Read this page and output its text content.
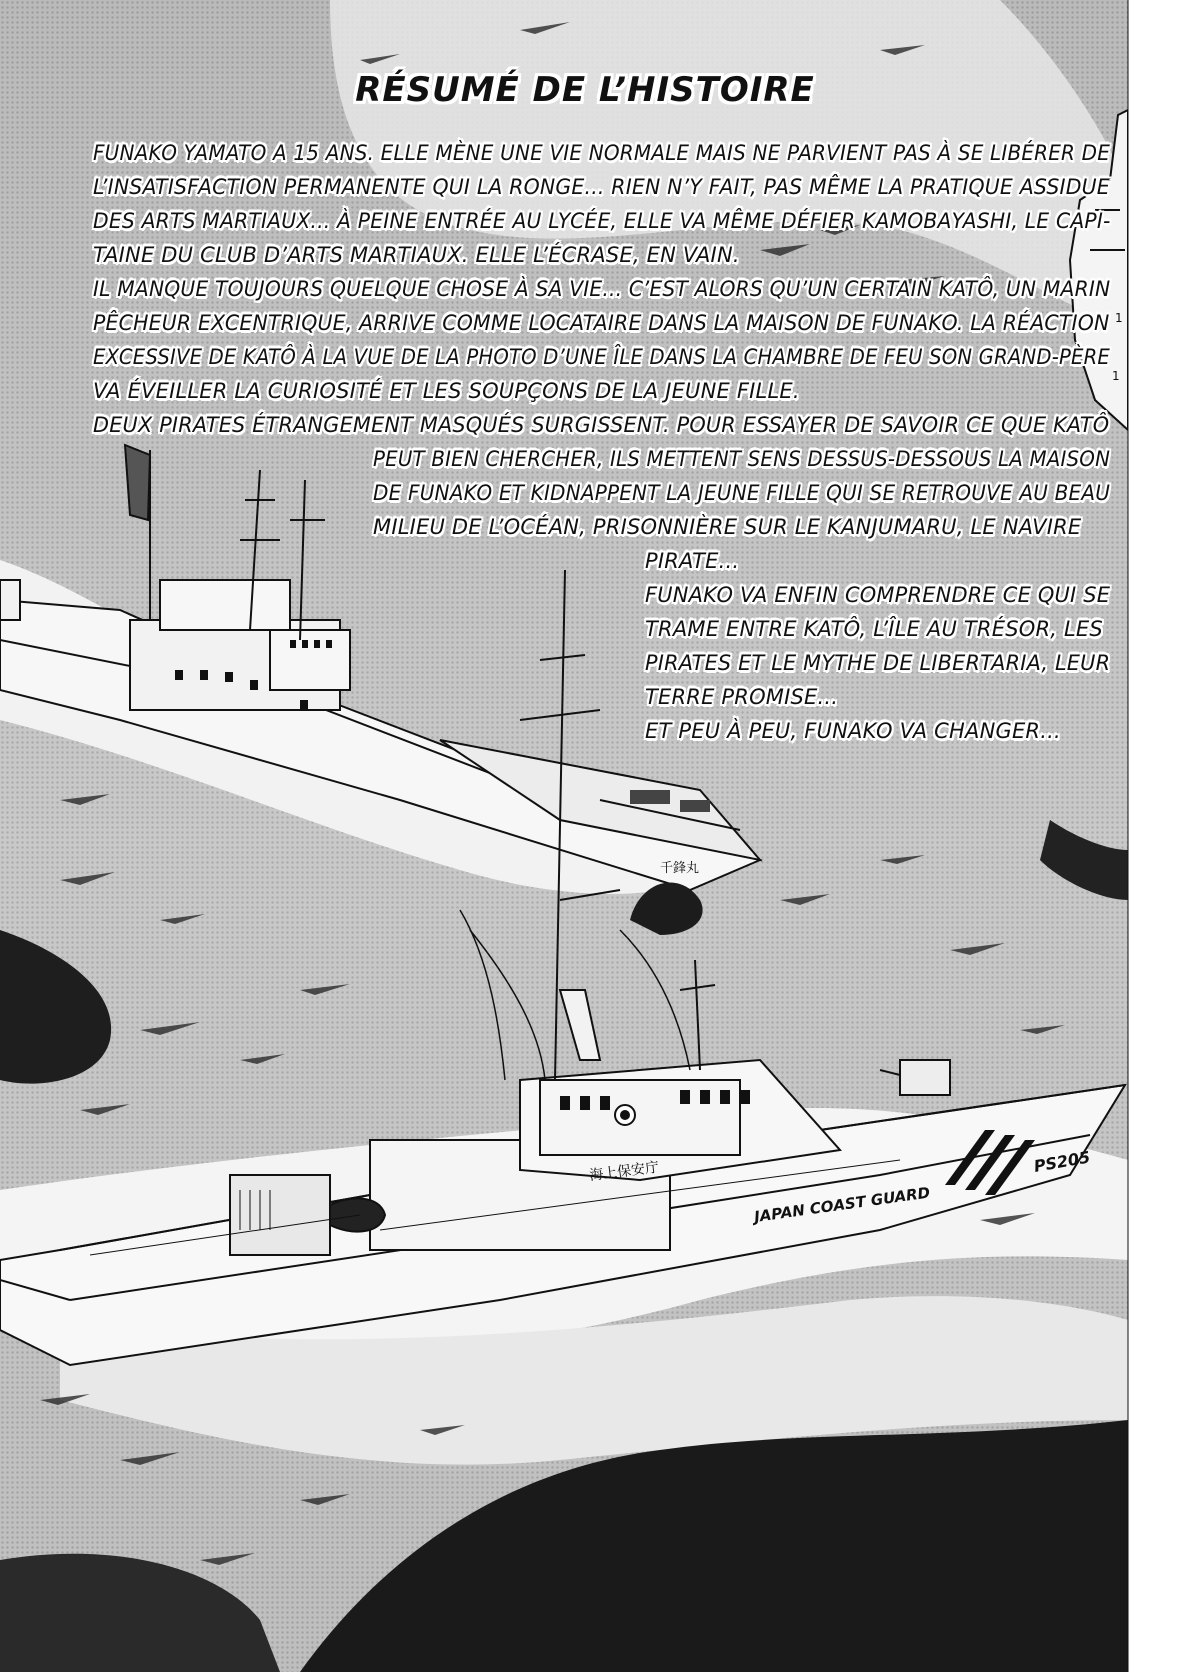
1
1
千鋒丸
海上保安庁
JAPAN COAST GUARD
PS205
RÉSUMÉ DE L’HISTOIRE
FUNAKO YAMATO A 15 ANS. ELLE MÈNE UNE VIE NORMALE MAIS NE PARVIENT PAS À SE LIBÉRER DE
L’INSATISFACTION PERMANENTE QUI LA RONGE... RIEN N’Y FAIT, PAS MÊME LA PRATIQUE ASSIDUE
DES ARTS MARTIAUX... À PEINE ENTRÉE AU LYCÉE, ELLE VA MÊME DÉFIER KAMOBAYASHI, LE CAPI-
TAINE DU CLUB D’ARTS MARTIAUX. ELLE L’ÉCRASE, EN VAIN.
IL MANQUE TOUJOURS QUELQUE CHOSE À SA VIE... C’EST ALORS QU’UN CERTAIN KATÔ, UN MARIN
PÊCHEUR EXCENTRIQUE, ARRIVE COMME LOCATAIRE DANS LA MAISON DE FUNAKO. LA RÉACTION
EXCESSIVE DE KATÔ À LA VUE DE LA PHOTO D’UNE ÎLE DANS LA CHAMBRE DE FEU SON GRAND-PÈRE
VA ÉVEILLER LA CURIOSITÉ ET LES SOUPÇONS DE LA JEUNE FILLE.
DEUX PIRATES ÉTRANGEMENT MASQUÉS SURGISSENT. POUR ESSAYER DE SAVOIR CE QUE KATÔ
PEUT BIEN CHERCHER, ILS METTENT SENS DESSUS-DESSOUS LA MAISON
DE FUNAKO ET KIDNAPPENT LA JEUNE FILLE QUI SE RETROUVE AU BEAU
MILIEU DE L’OCÉAN, PRISONNIÈRE SUR LE KANJUMARU, LE NAVIRE
PIRATE...
FUNAKO VA ENFIN COMPRENDRE CE QUI SE
TRAME ENTRE KATÔ, L’ÎLE AU TRÉSOR, LES
PIRATES ET LE MYTHE DE LIBERTARIA, LEUR
TERRE PROMISE...
ET PEU À PEU, FUNAKO VA CHANGER...
